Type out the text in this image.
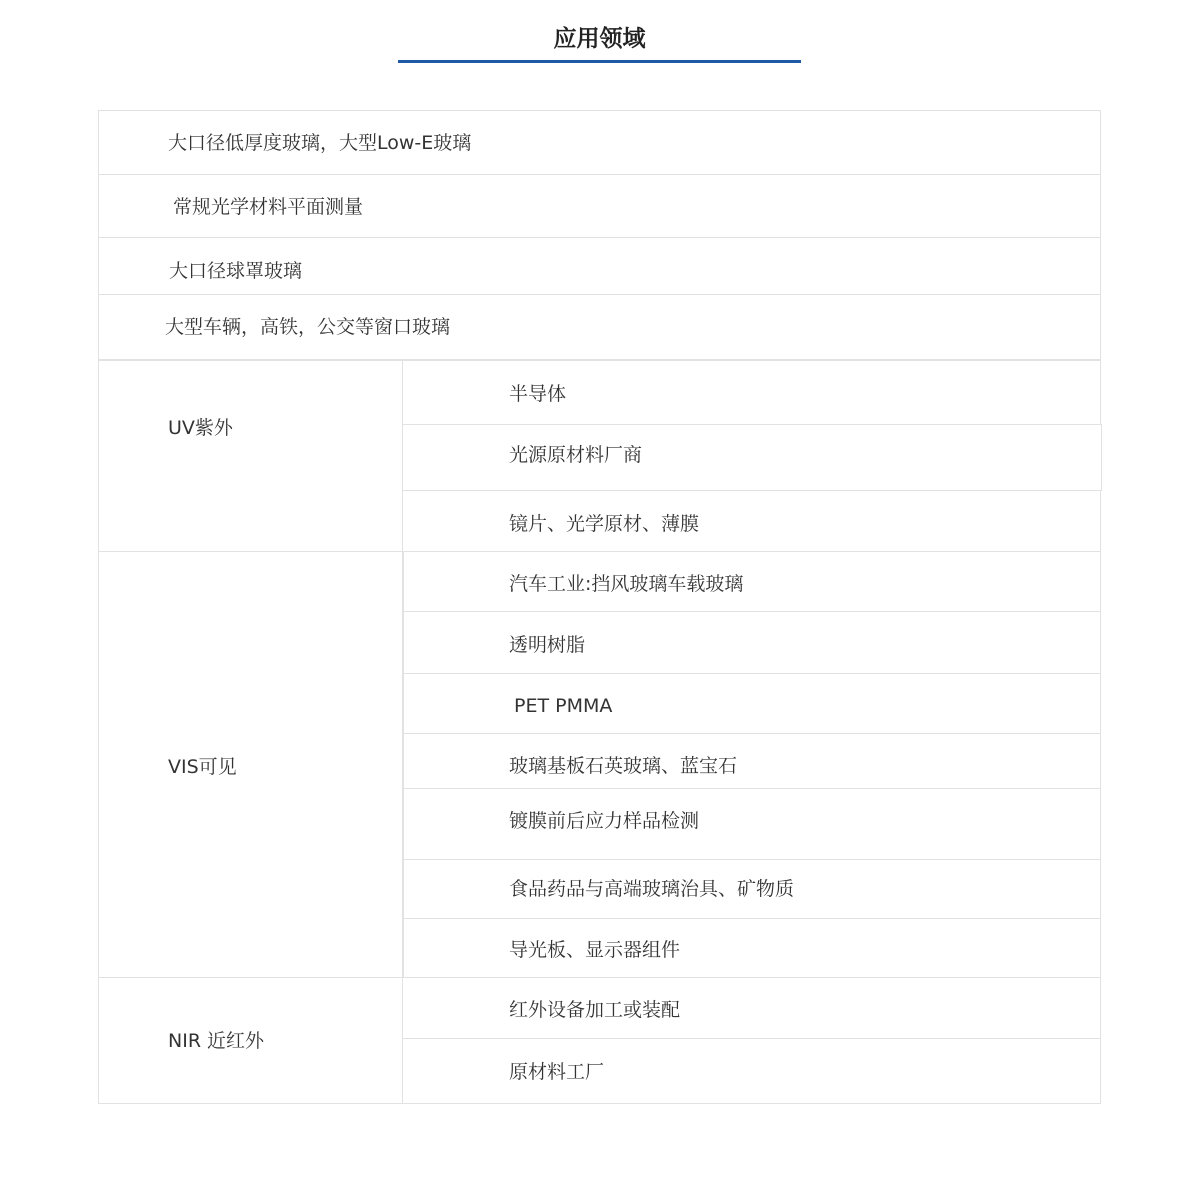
应用领域
大口径低厚度玻璃，大型Low-E玻璃
常规光学材料平面测量
大口径球罩玻璃
大型车辆，高铁，公交等窗口玻璃
UV紫外
半导体
光源原材料厂商
镜片、光学原材、薄膜
VIS可见
汽车工业:挡风玻璃车载玻璃
透明树脂
PET PMMA
玻璃基板石英玻璃、蓝宝石
镀膜前后应力样品检测
食品药品与高端玻璃治具、矿物质
导光板、显示器组件
NIR 近红外
红外设备加工或装配
原材料工厂
